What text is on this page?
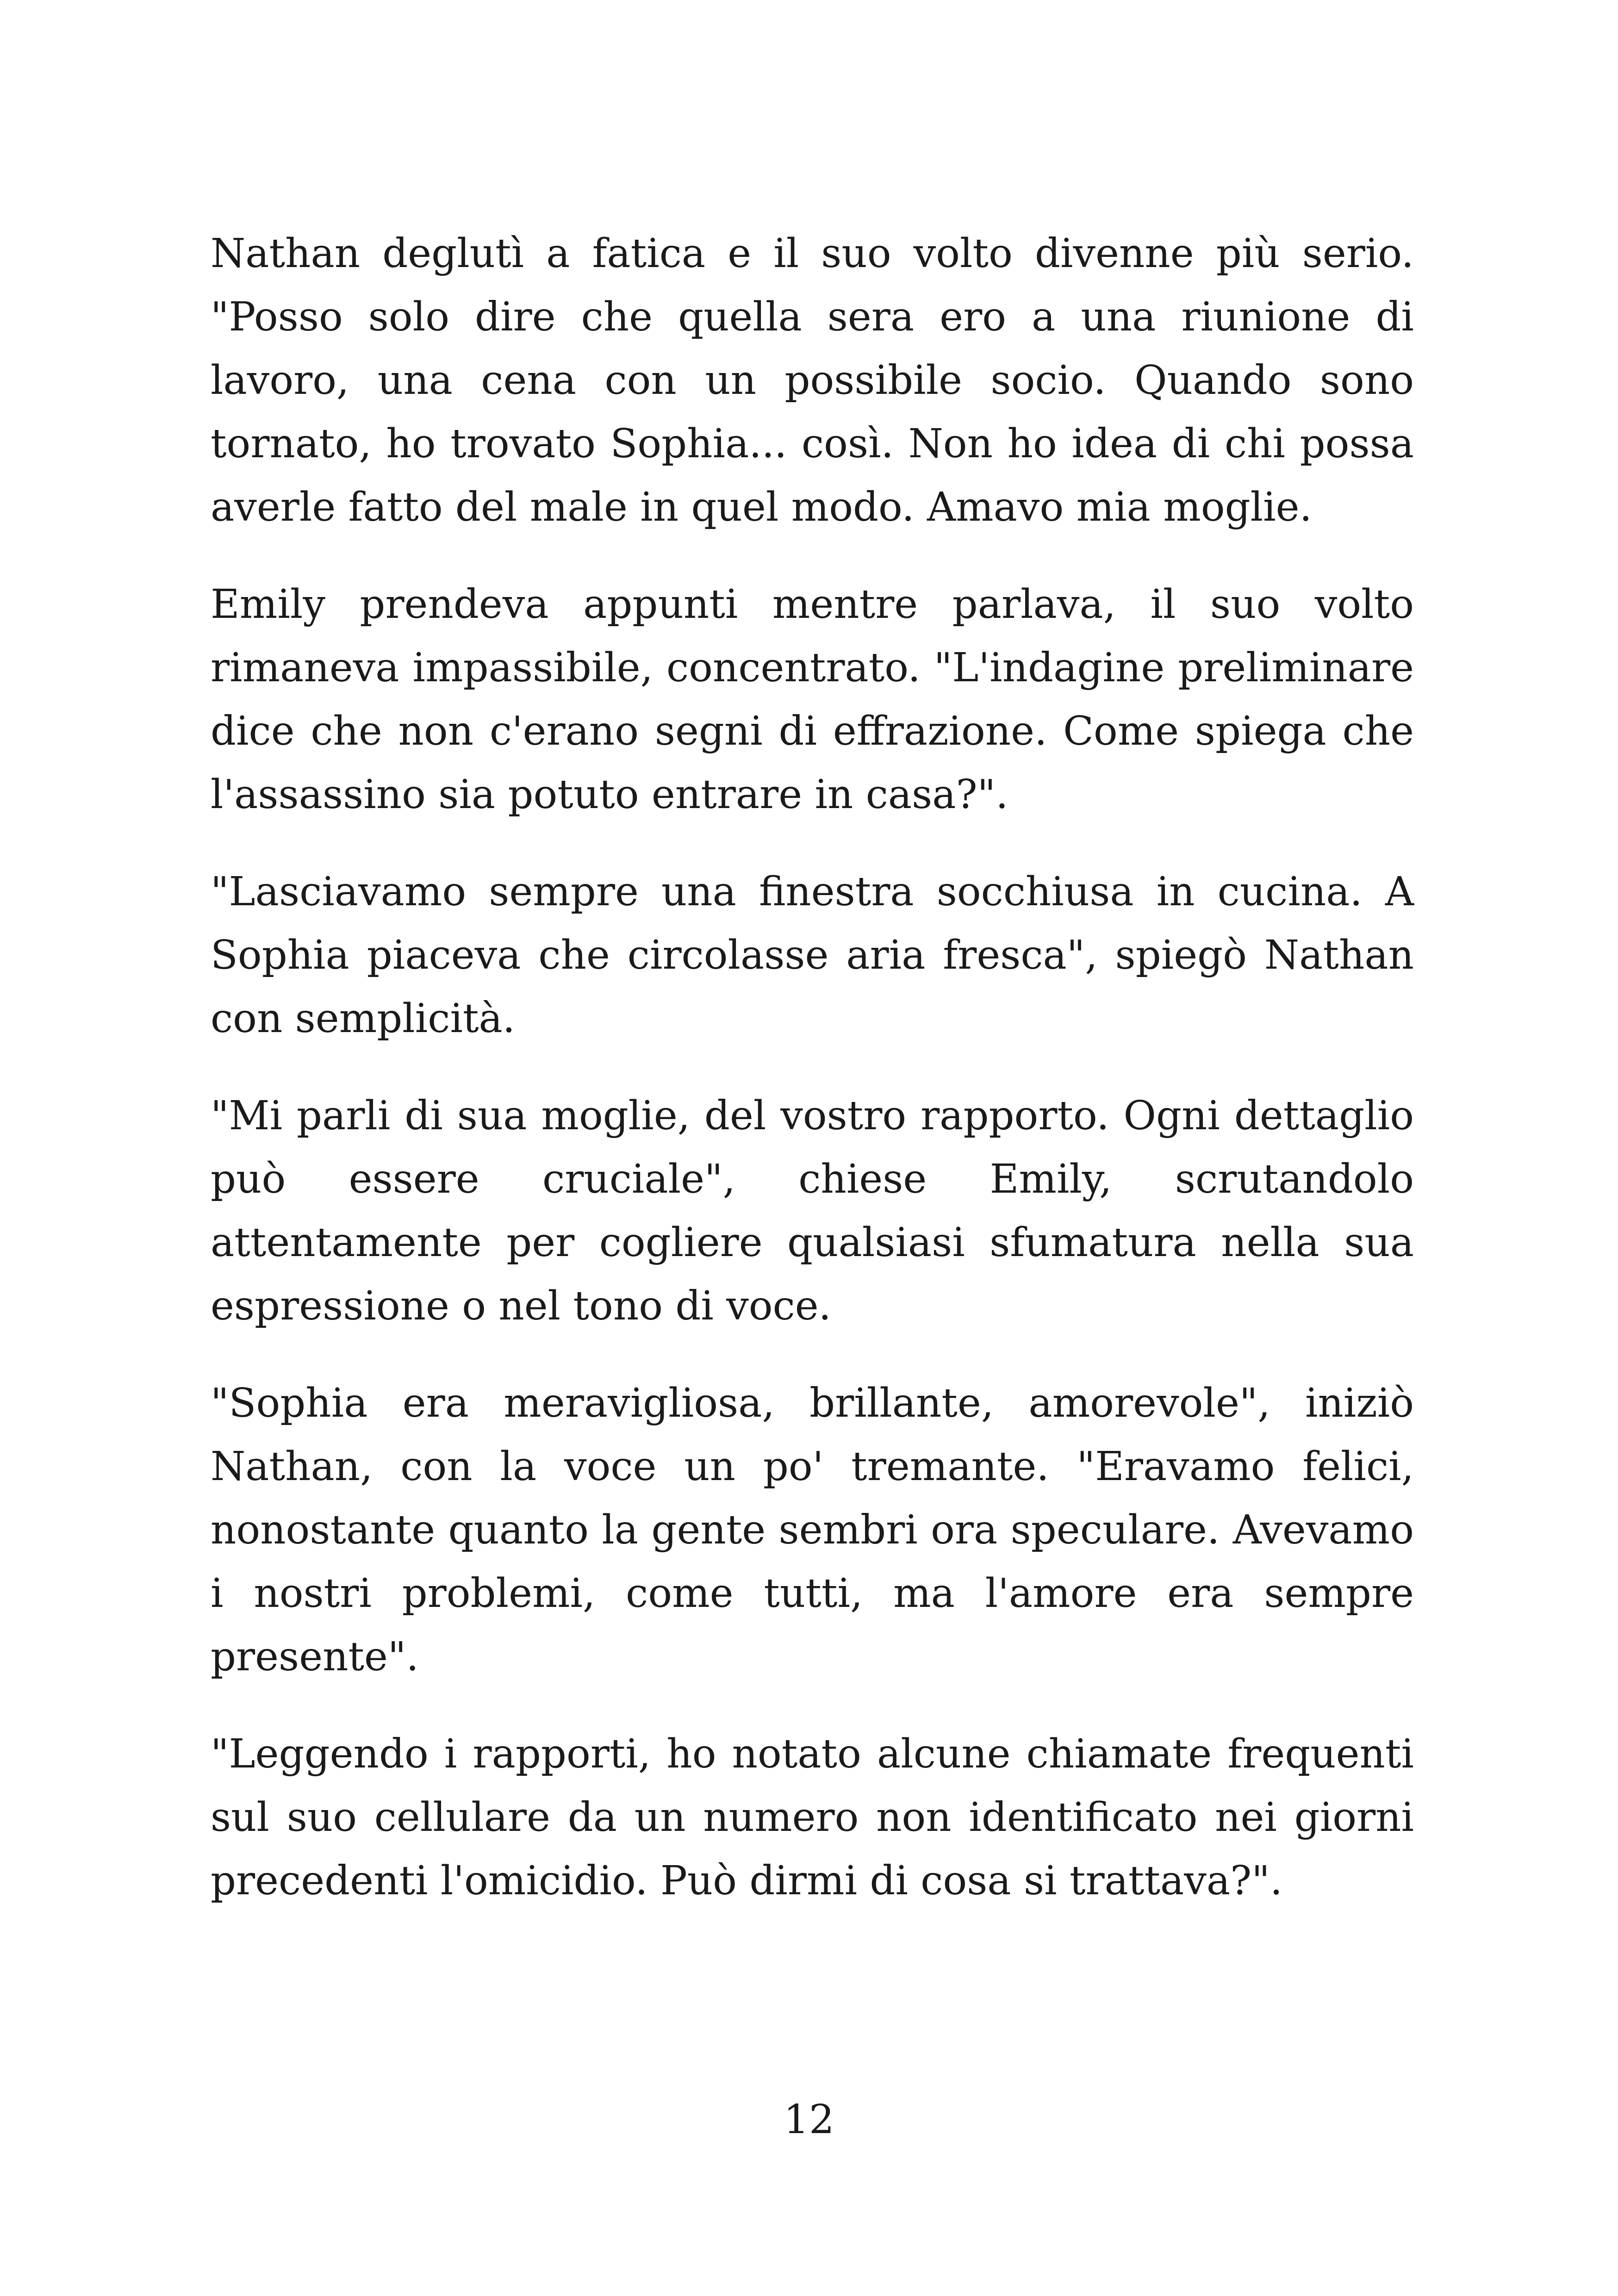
Nathan deglutì a fatica e il suo volto divenne più serio. "Posso solo dire che quella sera ero a una riunione di lavoro, una cena con un possibile socio. Quando sono tornato, ho trovato Sophia... così. Non ho idea di chi possa averle fatto del male in quel modo. Amavo mia moglie.

Emily prendeva appunti mentre parlava, il suo volto rimaneva impassibile, concentrato. "L'indagine preliminare dice che non c'erano segni di effrazione. Come spiega che l'assassino sia potuto entrare in casa?".

"Lasciavamo sempre una finestra socchiusa in cucina. A Sophia piaceva che circolasse aria fresca", spiegò Nathan con semplicità.

"Mi parli di sua moglie, del vostro rapporto. Ogni dettaglio può essere cruciale", chiese Emily, scrutandolo attentamente per cogliere qualsiasi sfumatura nella sua espressione o nel tono di voce.

"Sophia era meravigliosa, brillante, amorevole", iniziò Nathan, con la voce un po' tremante. "Eravamo felici, nonostante quanto la gente sembri ora speculare. Avevamo i nostri problemi, come tutti, ma l'amore era sempre presente".

"Leggendo i rapporti, ho notato alcune chiamate frequenti sul suo cellulare da un numero non identificato nei giorni precedenti l'omicidio. Può dirmi di cosa si trattava?".

12
